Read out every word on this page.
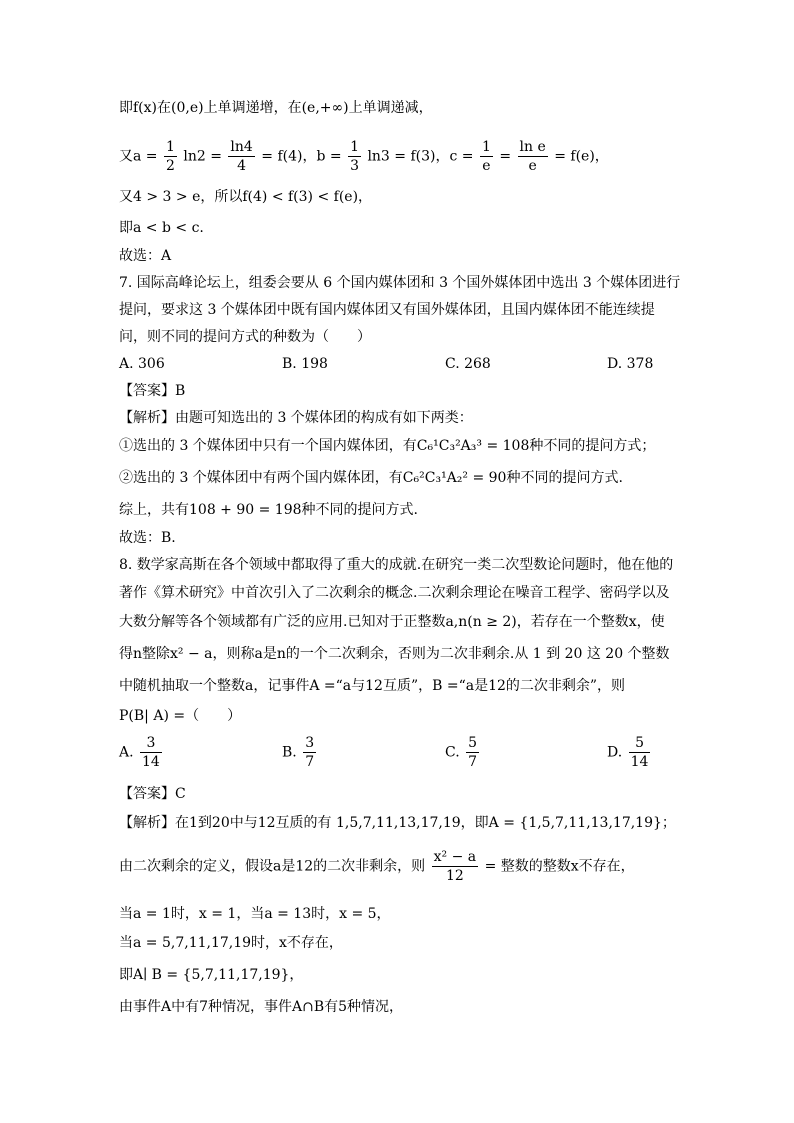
即f(x)在(0,e)上单调递增，在(e,+∞)上单调递减，
又$a = \frac{1}{2} \ln 2 = \frac{\ln 4}{4} = f(4)$，$b = \frac{1}{3} \ln 3 = f(3)$，$c = \frac{1}{e} = \frac{\text{ln e}}{e} = f(e)$，
又4 > 3 > e，所以f(4) < f(3) < f(e)，
即a < b < c.
故选：A
7. 国际高峰论坛上，组委会要从 6 个国内媒体团和 3 个国外媒体团中选出 3 个媒体团进行
提问，要求这 3 个媒体团中既有国内媒体团又有国外媒体团，且国内媒体团不能连续提
问，则不同的提问方式的种数为（　　）
A. 306	B. 198	C. 268	D. 378
【答案】B
【解析】由题可知选出的 3 个媒体团的构成有如下两类：
①选出的 3 个媒体团中只有一个国内媒体团，有C₆¹C₃²A₃³ = 108种不同的提问方式；
②选出的 3 个媒体团中有两个国内媒体团，有C₆²C₃¹A₂² = 90种不同的提问方式.
综上，共有108 + 90 = 198种不同的提问方式.
故选：B.
8. 数学家高斯在各个领域中都取得了重大的成就.在研究一类二次型数论问题时，他在他的
著作《算术研究》中首次引入了二次剩余的概念.二次剩余理论在噪音工程学、密码学以及
大数分解等各个领域都有广泛的应用.已知对于正整数a,n(n ≥ 2)，若存在一个整数x，使
得n整除x² − a，则称a是n的一个二次剩余，否则为二次非剩余.从 1 到 20 这 20 个整数
中随机抽取一个整数a，记事件A =“a与12互质”，B =“a是12的二次非剩余”，则
P(B| A) =（　　）
A. $\frac{3}{14}$	B. $\frac{3}{7}$	C. $\frac{5}{7}$	D. $\frac{5}{14}$
【答案】C
【解析】在1到20中与12互质的有 1,5,7,11,13,17,19，即A = {1,5,7,11,13,17,19}；
由二次剩余的定义，假设a是12的二次非剩余，则 $\frac{\text{x² − a}}{12}$ = 整数的整数x不存在，
当a = 1时，x = 1，当a = 13时，x = 5，
当a = 5,7,11,17,19时，x不存在，
即A∣ B = {5,7,11,17,19}，
由事件A中有7种情况，事件A∩B有5种情况，
